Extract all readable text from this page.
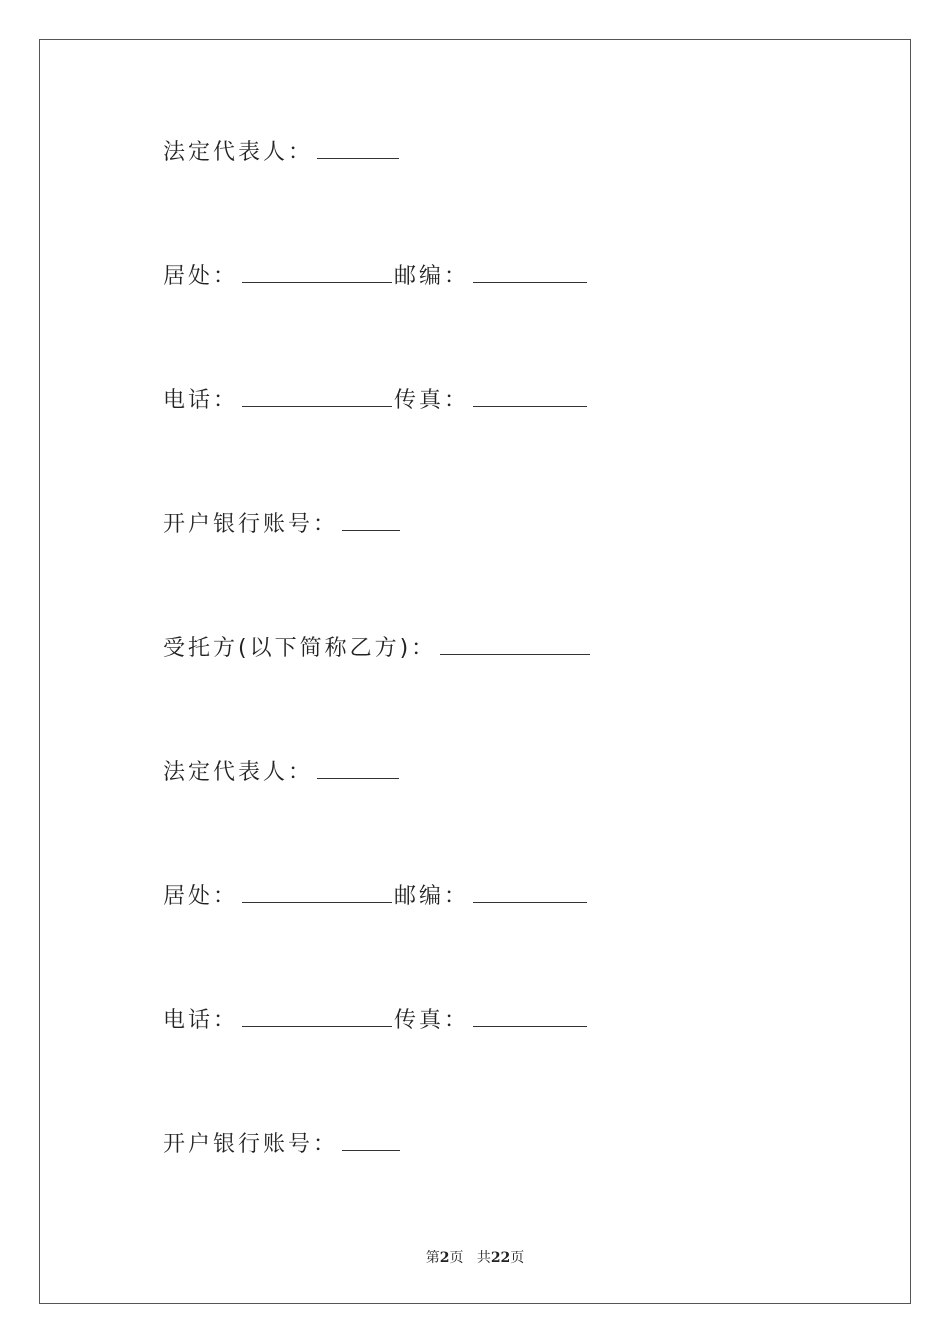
法定代表人：
居处：	邮编：
电话：	传真：
开户银行账号：
受托方(以下简称乙方)：
法定代表人：
居处：	邮编：
电话：	传真：
开户银行账号：
第2页 共22页
